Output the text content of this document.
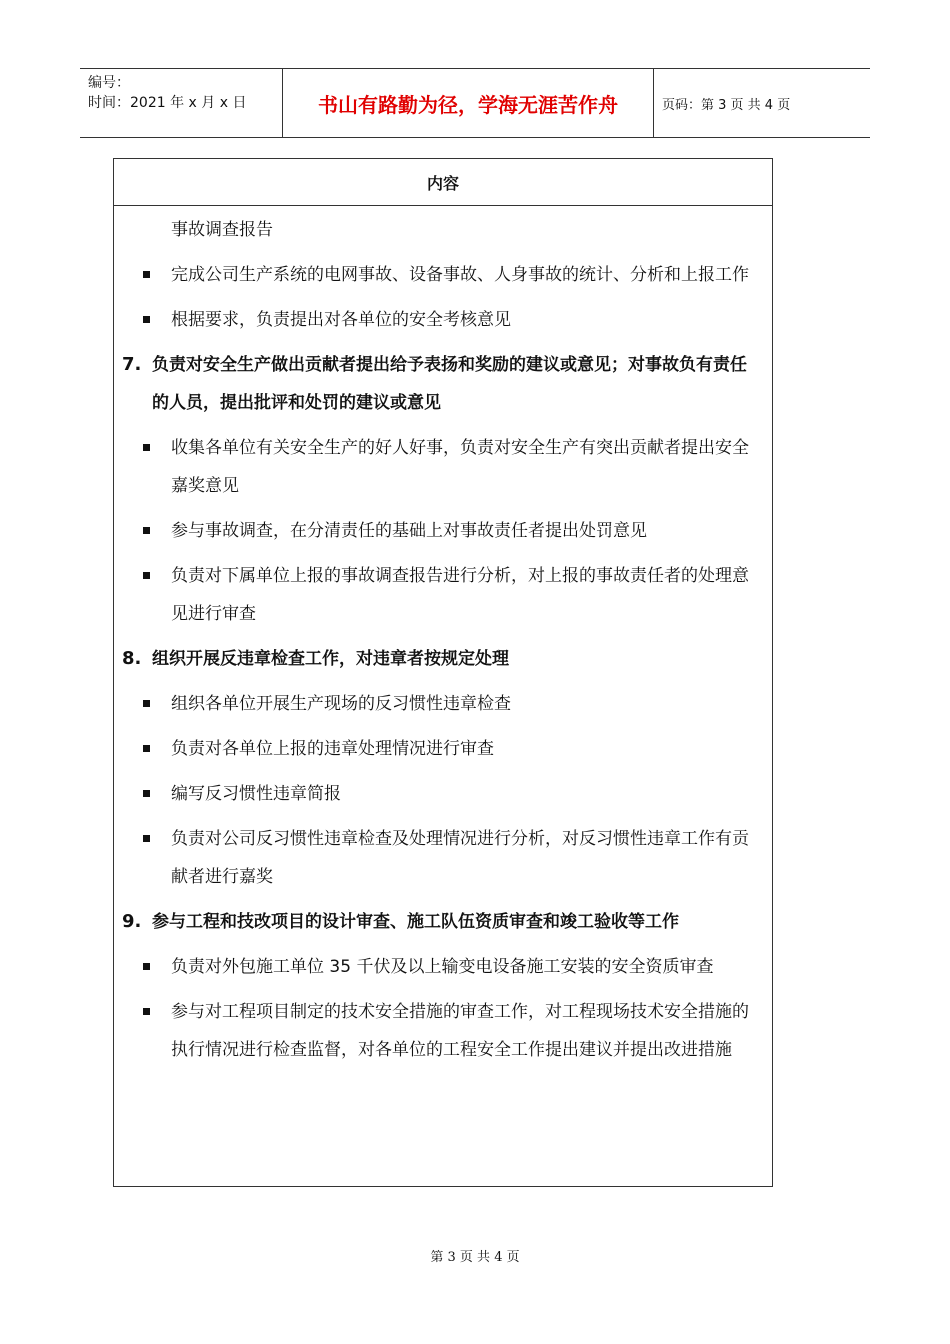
编号：
时间：2021 年 x 月 x 日	书山有路勤为径，学海无涯苦作舟	页码：第 3 页 共 4 页
内容
事故调查报告
完成公司生产系统的电网事故、设备事故、人身事故的统计、分析和上报工作
根据要求，负责提出对各单位的安全考核意见
7. 负责对安全生产做出贡献者提出给予表扬和奖励的建议或意见；对事故负有责任的人员，提出批评和处罚的建议或意见
收集各单位有关安全生产的好人好事，负责对安全生产有突出贡献者提出安全嘉奖意见
参与事故调查，在分清责任的基础上对事故责任者提出处罚意见
负责对下属单位上报的事故调查报告进行分析，对上报的事故责任者的处理意见进行审查
8. 组织开展反违章检查工作，对违章者按规定处理
组织各单位开展生产现场的反习惯性违章检查
负责对各单位上报的违章处理情况进行审查
编写反习惯性违章简报
负责对公司反习惯性违章检查及处理情况进行分析，对反习惯性违章工作有贡献者进行嘉奖
9. 参与工程和技改项目的设计审查、施工队伍资质审查和竣工验收等工作
负责对外包施工单位 35 千伏及以上输变电设备施工安装的安全资质审查
参与对工程项目制定的技术安全措施的审查工作，对工程现场技术安全措施的执行情况进行检查监督，对各单位的工程安全工作提出建议并提出改进措施
第 3 页 共 4 页
